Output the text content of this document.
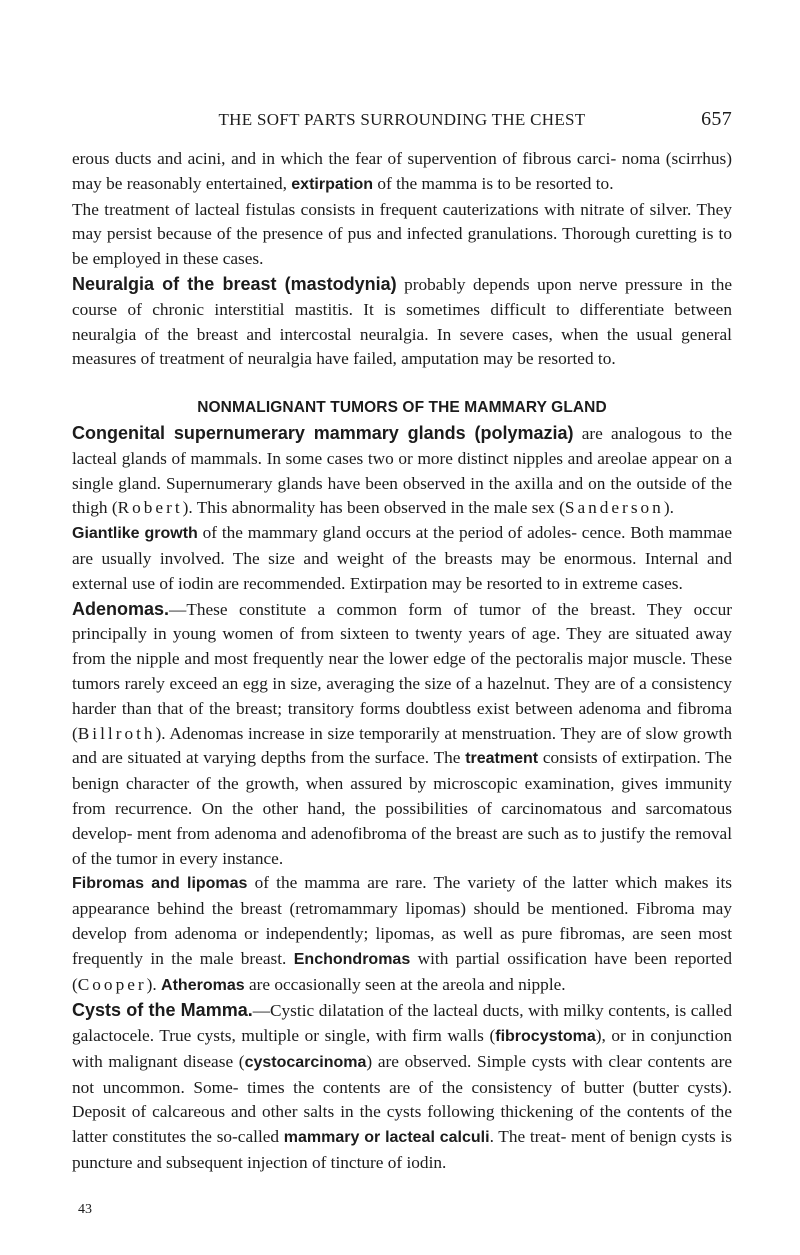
THE SOFT PARTS SURROUNDING THE CHEST	657

erous ducts and acini, and in which the fear of supervention of fibrous carci- noma (scirrhus) may be reasonably entertained, extirpation of the mamma is to be resorted to.

The treatment of lacteal fistulas consists in frequent cauterizations with nitrate of silver. They may persist because of the presence of pus and infected granulations. Thorough curetting is to be employed in these cases.

Neuralgia of the breast (mastodynia) probably depends upon nerve pressure in the course of chronic interstitial mastitis. It is sometimes difficult to differentiate between neuralgia of the breast and intercostal neuralgia. In severe cases, when the usual general measures of treatment of neuralgia have failed, amputation may be resorted to.

NONMALIGNANT TUMORS OF THE MAMMARY GLAND

Congenital supernumerary mammary glands (polymazia) are analogous to the lacteal glands of mammals. In some cases two or more distinct nipples and areolae appear on a single gland. Supernumerary glands have been observed in the axilla and on the outside of the thigh (Robert). This abnormality has been observed in the male sex (Sanderson).

Giantlike growth of the mammary gland occurs at the period of adoles- cence. Both mammae are usually involved. The size and weight of the breasts may be enormous. Internal and external use of iodin are recommended. Extirpation may be resorted to in extreme cases.

Adenomas.—These constitute a common form of tumor of the breast. They occur principally in young women of from sixteen to twenty years of age. They are situated away from the nipple and most frequently near the lower edge of the pectoralis major muscle. These tumors rarely exceed an egg in size, averaging the size of a hazelnut. They are of a consistency harder than that of the breast; transitory forms doubtless exist between adenoma and fibroma (Billroth). Adenomas increase in size temporarily at menstruation. They are of slow growth and are situated at varying depths from the surface. The treatment consists of extirpation. The benign character of the growth, when assured by microscopic examination, gives immunity from recurrence. On the other hand, the possibilities of carcinomatous and sarcomatous develop- ment from adenoma and adenofibroma of the breast are such as to justify the removal of the tumor in every instance.

Fibromas and lipomas of the mamma are rare. The variety of the latter which makes its appearance behind the breast (retromammary lipomas) should be mentioned. Fibroma may develop from adenoma or independently; lipomas, as well as pure fibromas, are seen most frequently in the male breast. Enchondromas with partial ossification have been reported (Cooper). Atheromas are occasionally seen at the areola and nipple.

Cysts of the Mamma.—Cystic dilatation of the lacteal ducts, with milky contents, is called galactocele. True cysts, multiple or single, with firm walls (fibrocystoma), or in conjunction with malignant disease (cystocarcinoma) are observed. Simple cysts with clear contents are not uncommon. Some- times the contents are of the consistency of butter (butter cysts). Deposit of calcareous and other salts in the cysts following thickening of the contents of the latter constitutes the so-called mammary or lacteal calculi. The treat- ment of benign cysts is puncture and subsequent injection of tincture of iodin.

43
